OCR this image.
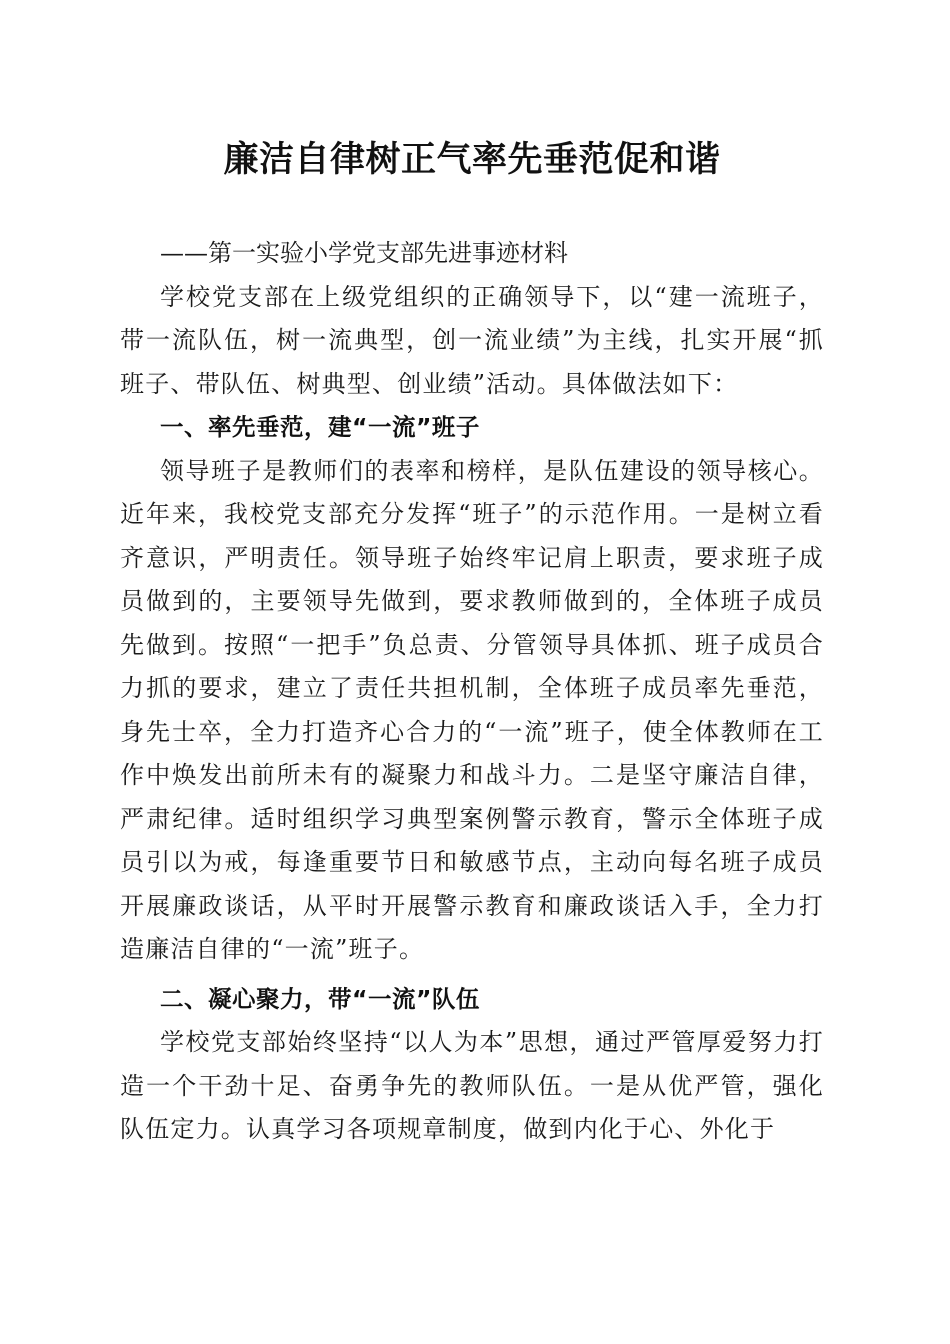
廉洁自律树正气率先垂范促和谐

——第一实验小学党支部先进事迹材料

学校党支部在上级党组织的正确领导下，以“建一流班子，带一流队伍，树一流典型，创一流业绩”为主线，扎实开展“抓班子、带队伍、树典型、创业绩”活动。具体做法如下：

一、率先垂范，建“一流”班子

领导班子是教师们的表率和榜样，是队伍建设的领导核心。近年来，我校党支部充分发挥“班子”的示范作用。一是树立看齐意识，严明责任。领导班子始终牢记肩上职责，要求班子成员做到的，主要领导先做到，要求教师做到的，全体班子成员先做到。按照“一把手”负总责、分管领导具体抓、班子成员合力抓的要求，建立了责任共担机制，全体班子成员率先垂范，身先士卒，全力打造齐心合力的“一流”班子，使全体教师在工作中焕发出前所未有的凝聚力和战斗力。二是坚守廉洁自律，严肃纪律。适时组织学习典型案例警示教育，警示全体班子成员引以为戒，每逢重要节日和敏感节点，主动向每名班子成员开展廉政谈话，从平时开展警示教育和廉政谈话入手，全力打造廉洁自律的“一流”班子。

二、凝心聚力，带“一流”队伍

学校党支部始终坚持“以人为本”思想，通过严管厚爱努力打造一个干劲十足、奋勇争先的教师队伍。一是从优严管，强化队伍定力。认真学习各项规章制度，做到内化于心、外化于
